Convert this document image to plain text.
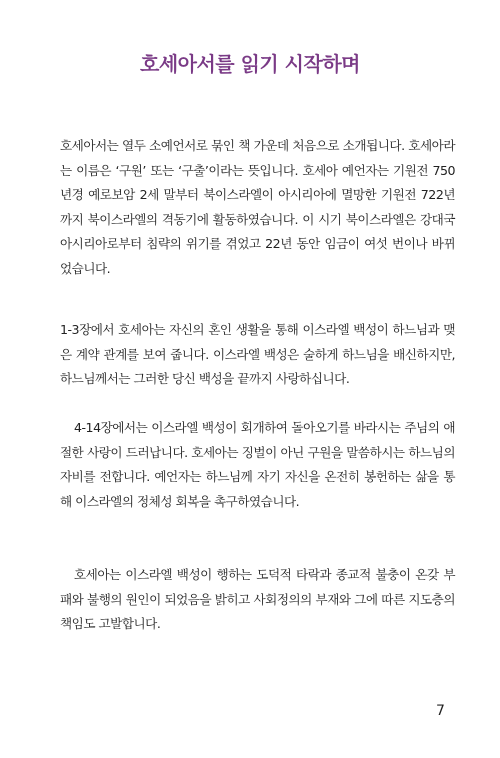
호세아서를 읽기 시작하며

호세아서는 열두 소예언서로 묶인 책 가운데 처음으로 소개됩니다. 호세아라는 이름은 ‘구원’ 또는 ‘구출’이라는 뜻입니다. 호세아 예언자는 기원전 750년경 예로보암 2세 말부터 북이스라엘이 아시리아에 멸망한 기원전 722년까지 북이스라엘의 격동기에 활동하였습니다. 이 시기 북이스라엘은 강대국 아시리아로부터 침략의 위기를 겪었고 22년 동안 임금이 여섯 번이나 바뀌었습니다.

1-3장에서 호세아는 자신의 혼인 생활을 통해 이스라엘 백성이 하느님과 맺은 계약 관계를 보여 줍니다. 이스라엘 백성은 술하게 하느님을 배신하지만, 하느님께서는 그러한 당신 백성을 끝까지 사랑하십니다.

4-14장에서는 이스라엘 백성이 회개하여 돌아오기를 바라시는 주님의 애절한 사랑이 드러납니다. 호세아는 징벌이 아닌 구원을 말씀하시는 하느님의 자비를 전합니다. 예언자는 하느님께 자기 자신을 온전히 봉헌하는 삶을 통해 이스라엘의 정체성 회복을 촉구하였습니다.

호세아는 이스라엘 백성이 행하는 도덕적 타락과 종교적 불충이 온갖 부패와 불행의 원인이 되었음을 밝히고 사회정의의 부재와 그에 따른 지도층의 책임도 고발합니다.

7
